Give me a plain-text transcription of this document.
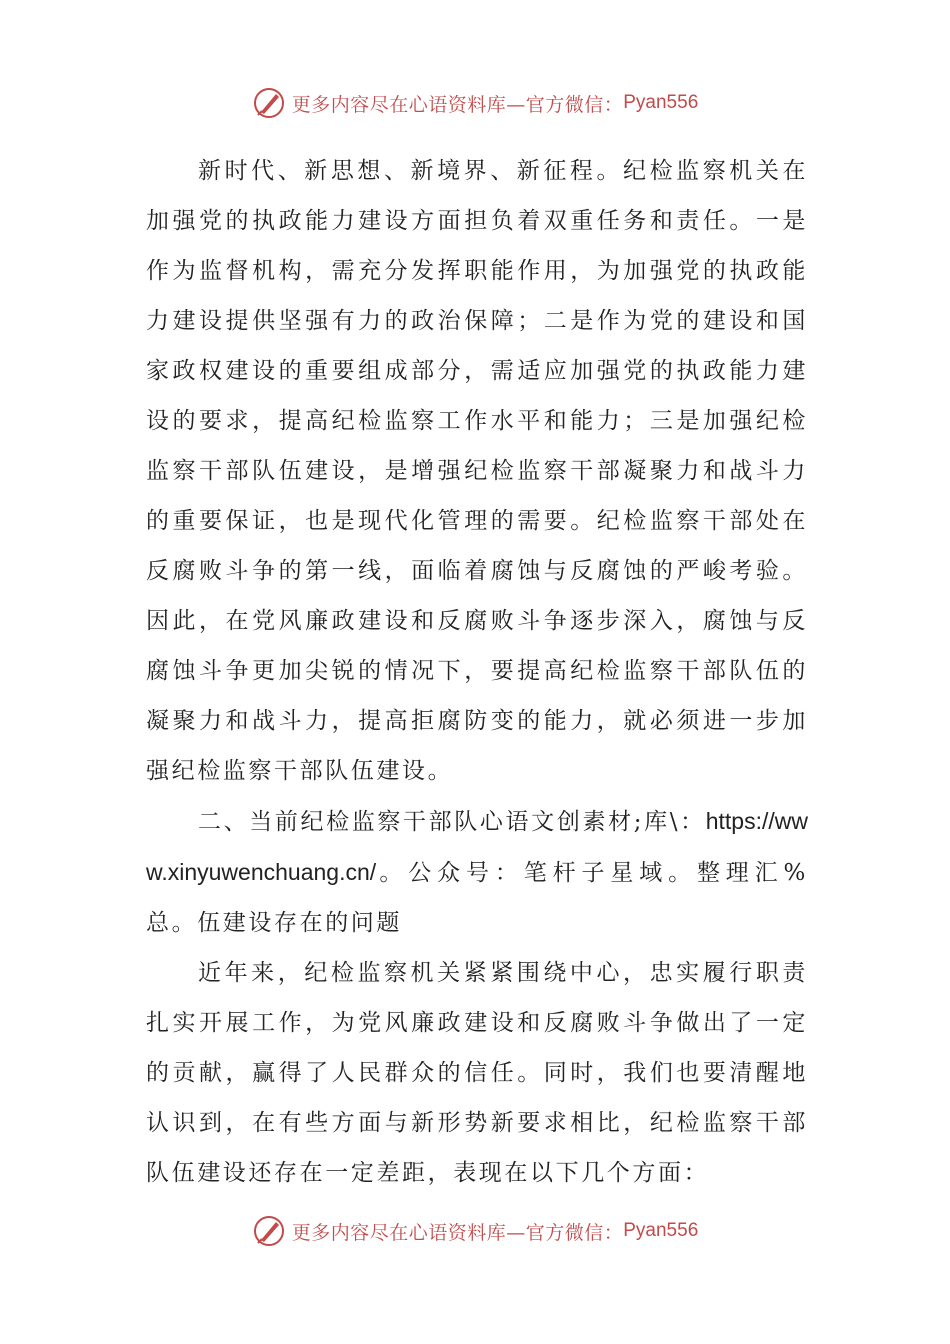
更多内容尽在心语资料库—官方微信： Pyan556

新时代、新思想、新境界、新征程。纪检监察机关在加强党的执政能力建设方面担负着双重任务和责任。一是作为监督机构，需充分发挥职能作用，为加强党的执政能力建设提供坚强有力的政治保障；二是作为党的建设和国家政权建设的重要组成部分，需适应加强党的执政能力建设的要求，提高纪检监察工作水平和能力；三是加强纪检监察干部队伍建设，是增强纪检监察干部凝聚力和战斗力的重要保证，也是现代化管理的需要。纪检监察干部处在反腐败斗争的第一线，面临着腐蚀与反腐蚀的严峻考验。因此，在党风廉政建设和反腐败斗争逐步深入，腐蚀与反腐蚀斗争更加尖锐的情况下，要提高纪检监察干部队伍的凝聚力和战斗力，提高拒腐防变的能力，就必须进一步加强纪检监察干部队伍建设。

二、当前纪检监察干部队心语文创素材;库\：https://www.xinyuwenchuang.cn/。公众号：笔杆子星域。整理汇%总。伍建设存在的问题

近年来，纪检监察机关紧紧围绕中心，忠实履行职责扎实开展工作，为党风廉政建设和反腐败斗争做出了一定的贡献，赢得了人民群众的信任。同时，我们也要清醒地认识到，在有些方面与新形势新要求相比，纪检监察干部队伍建设还存在一定差距，表现在以下几个方面：

更多内容尽在心语资料库—官方微信： Pyan556
